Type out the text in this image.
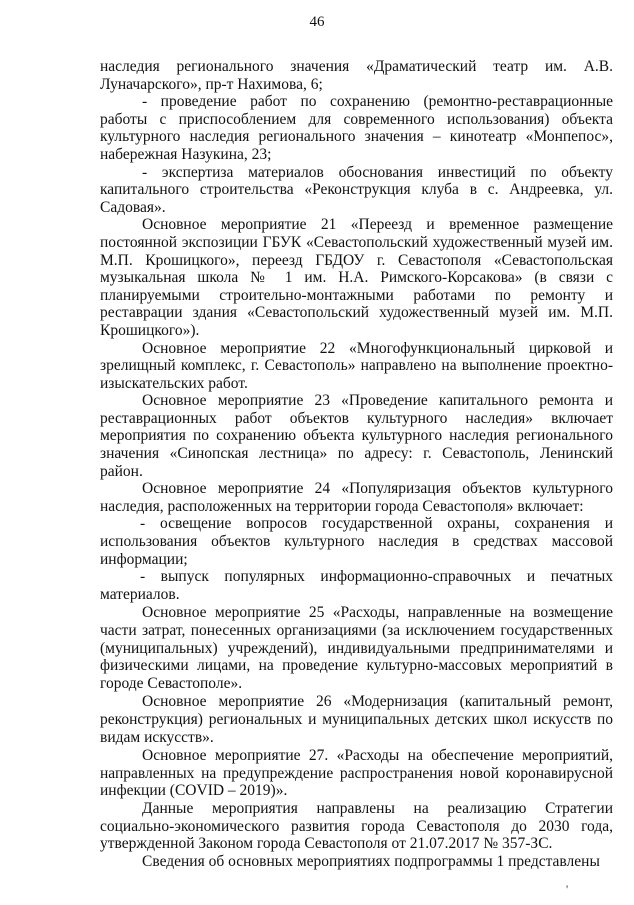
46

наследия регионального значения «Драматический театр им. А.В. Луначарского», пр-т Нахимова, 6;

- проведение работ по сохранению (ремонтно-реставрационные работы с приспособлением для современного использования) объекта культурного наследия регионального значения – кинотеатр «Монпепос», набережная Назукина, 23;

- экспертиза материалов обоснования инвестиций по объекту капитального строительства «Реконструкция клуба в с. Андреевка, ул. Садовая».

Основное мероприятие 21 «Переезд и временное размещение постоянной экспозиции ГБУК «Севастопольский художественный музей им. М.П. Крошицкого», переезд ГБДОУ г. Севастополя «Севастопольская музыкальная школа № 1 им. Н.А. Римского-Корсакова» (в связи с планируемыми строительно-монтажными работами по ремонту и реставрации здания «Севастопольский художественный музей им. М.П. Крошицкого»).

Основное мероприятие 22 «Многофункциональный цирковой и зрелищный комплекс, г. Севастополь» направлено на выполнение проектно-изыскательских работ.

Основное мероприятие 23 «Проведение капитального ремонта и реставрационных работ объектов культурного наследия» включает мероприятия по сохранению объекта культурного наследия регионального значения «Синопская лестница» по адресу: г. Севастополь, Ленинский район.

Основное мероприятие 24 «Популяризация объектов культурного наследия, расположенных на территории города Севастополя» включает:

- освещение вопросов государственной охраны, сохранения и использования объектов культурного наследия в средствах массовой информации;

- выпуск популярных информационно-справочных и печатных материалов.

Основное мероприятие 25 «Расходы, направленные на возмещение части затрат, понесенных организациями (за исключением государственных (муниципальных) учреждений), индивидуальными предпринимателями и физическими лицами, на проведение культурно-массовых мероприятий в городе Севастополе».

Основное мероприятие 26 «Модернизация (капитальный ремонт, реконструкция) региональных и муниципальных детских школ искусств по видам искусств».

Основное мероприятие 27. «Расходы на обеспечение мероприятий, направленных на предупреждение распространения новой коронавирусной инфекции (COVID – 2019)».

Данные мероприятия направлены на реализацию Стратегии социально-экономического развития города Севастополя до 2030 года, утвержденной Законом города Севастополя от 21.07.2017 № 357-ЗС.

Сведения об основных мероприятиях подпрограммы 1 представлены

'
